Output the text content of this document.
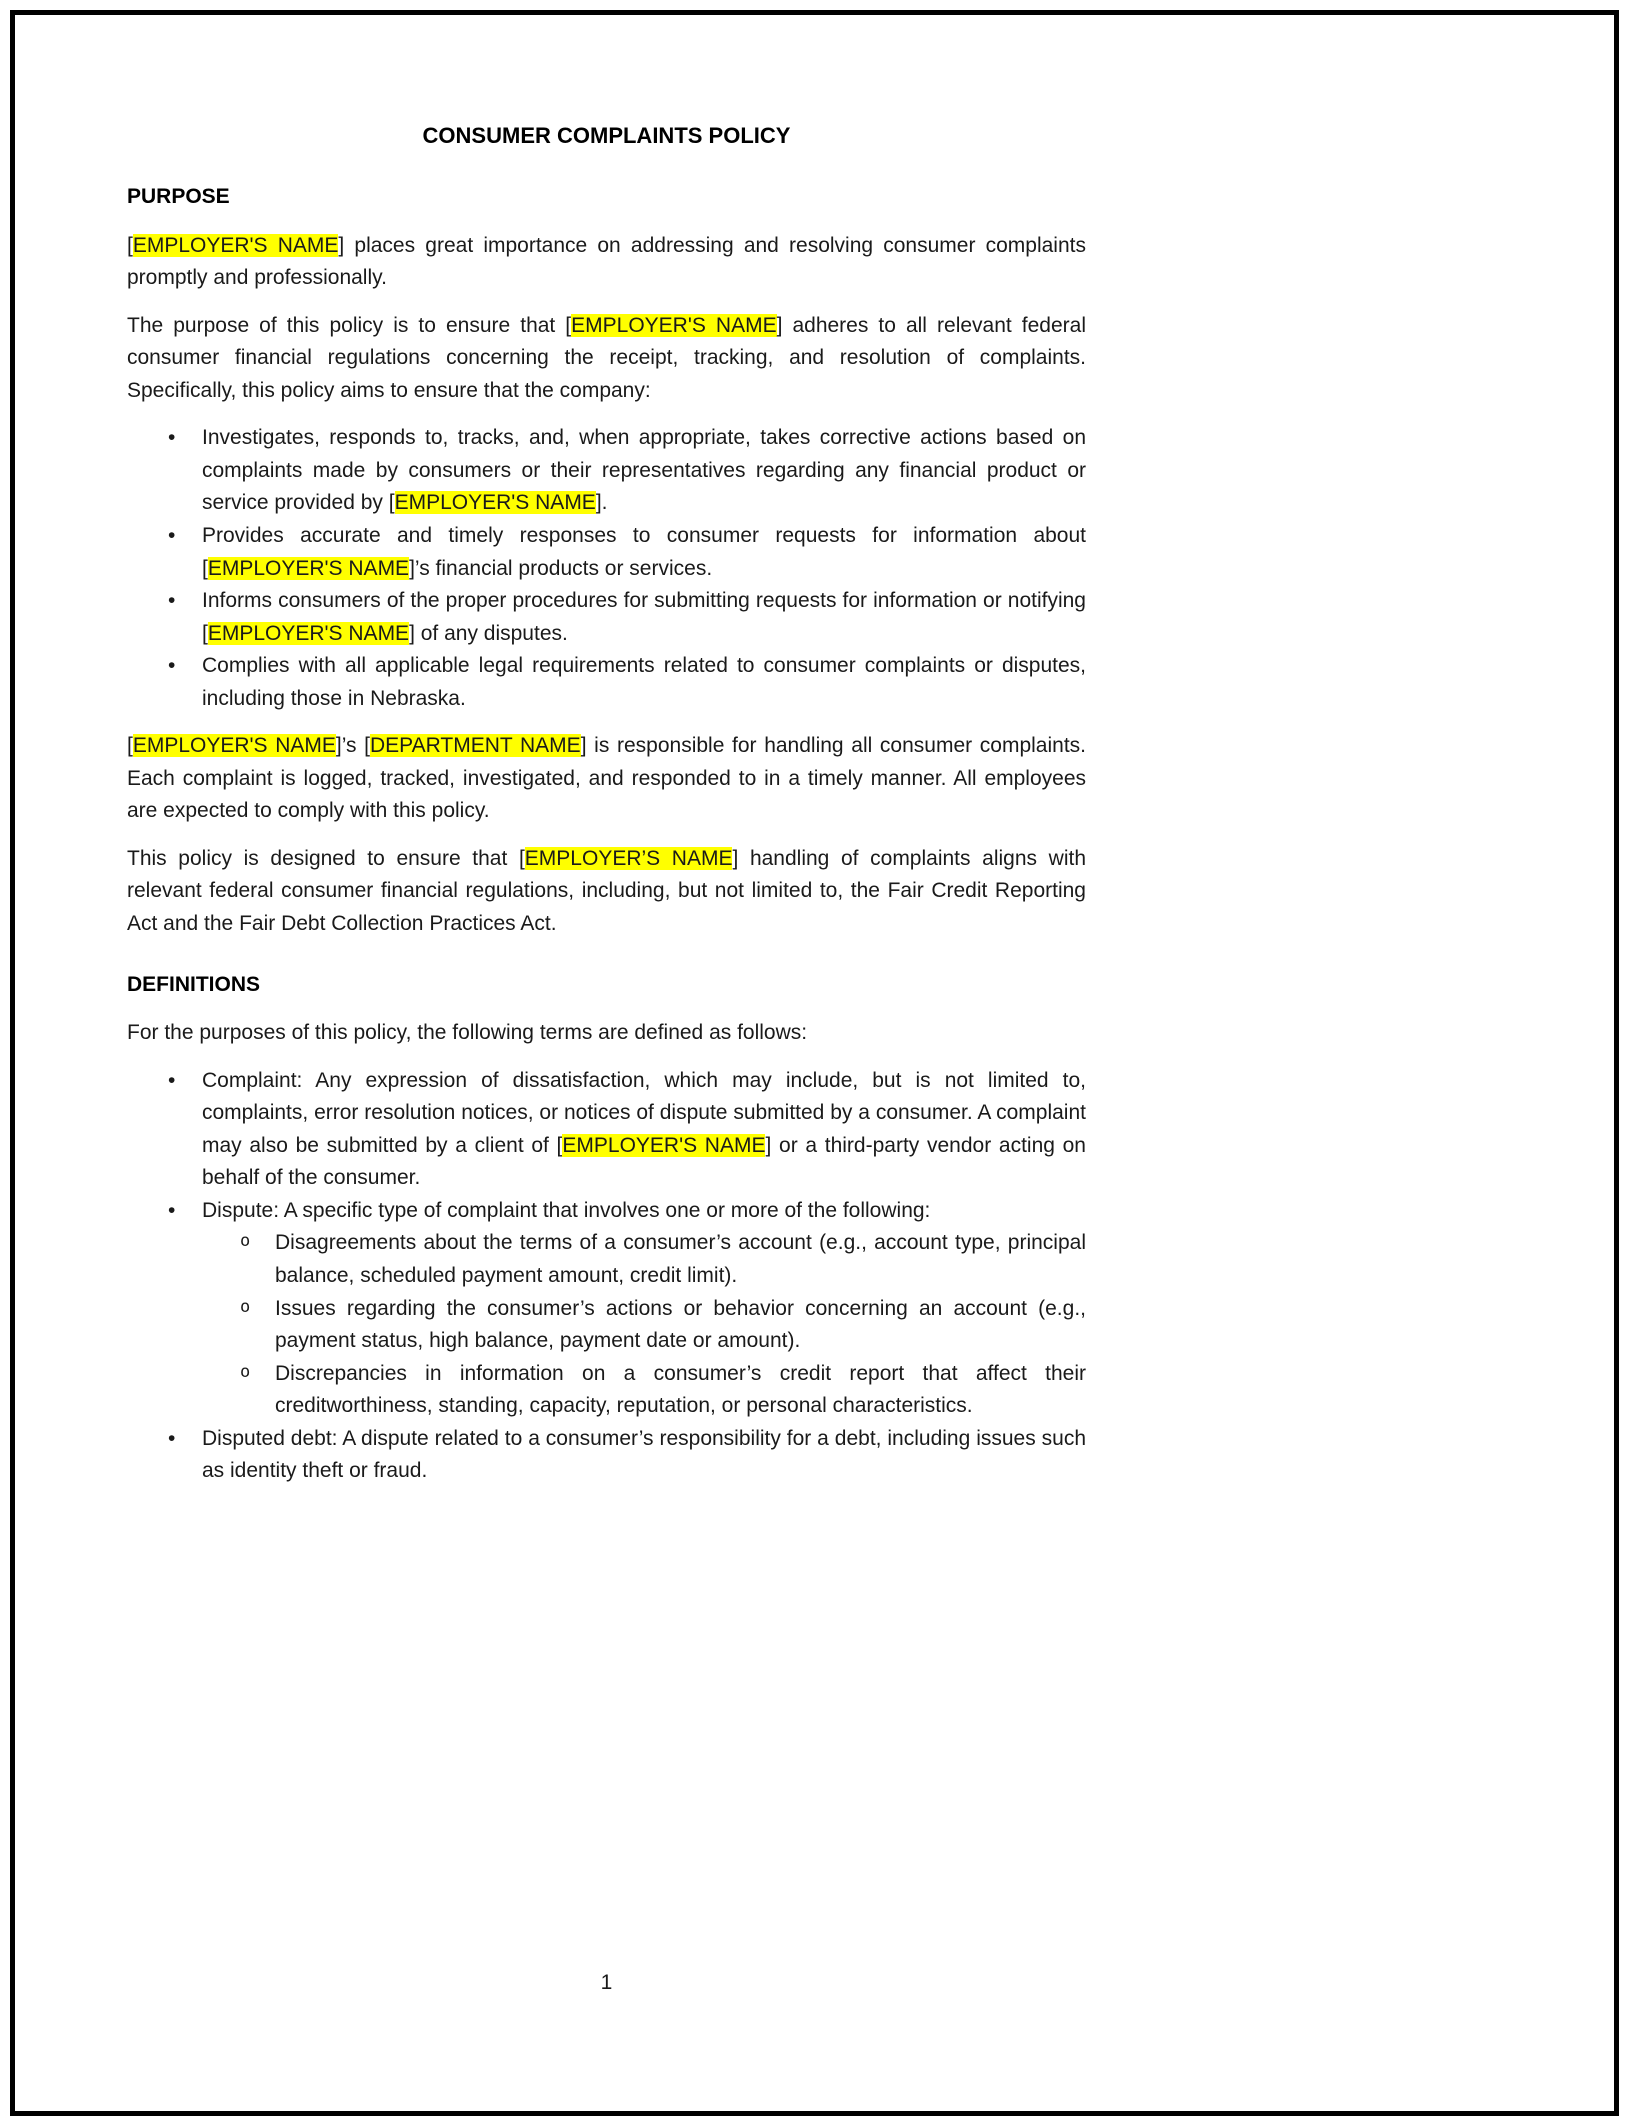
CONSUMER COMPLAINTS POLICY
PURPOSE

[EMPLOYER'S NAME] places great importance on addressing and resolving consumer complaints promptly and professionally.

The purpose of this policy is to ensure that [EMPLOYER'S NAME] adheres to all relevant federal consumer financial regulations concerning the receipt, tracking, and resolution of complaints. Specifically, this policy aims to ensure that the company:

• Investigates, responds to, tracks, and, when appropriate, takes corrective actions based on complaints made by consumers or their representatives regarding any financial product or service provided by [EMPLOYER'S NAME].
• Provides accurate and timely responses to consumer requests for information about [EMPLOYER'S NAME]’s financial products or services.
• Informs consumers of the proper procedures for submitting requests for information or notifying [EMPLOYER'S NAME] of any disputes.
• Complies with all applicable legal requirements related to consumer complaints or disputes, including those in Nebraska.

[EMPLOYER'S NAME]’s [DEPARTMENT NAME] is responsible for handling all consumer complaints. Each complaint is logged, tracked, investigated, and responded to in a timely manner. All employees are expected to comply with this policy.

This policy is designed to ensure that [EMPLOYER’S NAME] handling of complaints aligns with relevant federal consumer financial regulations, including, but not limited to, the Fair Credit Reporting Act and the Fair Debt Collection Practices Act.

DEFINITIONS

For the purposes of this policy, the following terms are defined as follows:

• Complaint: Any expression of dissatisfaction, which may include, but is not limited to, complaints, error resolution notices, or notices of dispute submitted by a consumer. A complaint may also be submitted by a client of [EMPLOYER'S NAME] or a third-party vendor acting on behalf of the consumer.
• Dispute: A specific type of complaint that involves one or more of the following:
o Disagreements about the terms of a consumer’s account (e.g., account type, principal balance, scheduled payment amount, credit limit).
o Issues regarding the consumer’s actions or behavior concerning an account (e.g., payment status, high balance, payment date or amount).
o Discrepancies in information on a consumer’s credit report that affect their creditworthiness, standing, capacity, reputation, or personal characteristics.
• Disputed debt: A dispute related to a consumer’s responsibility for a debt, including issues such as identity theft or fraud.
1
